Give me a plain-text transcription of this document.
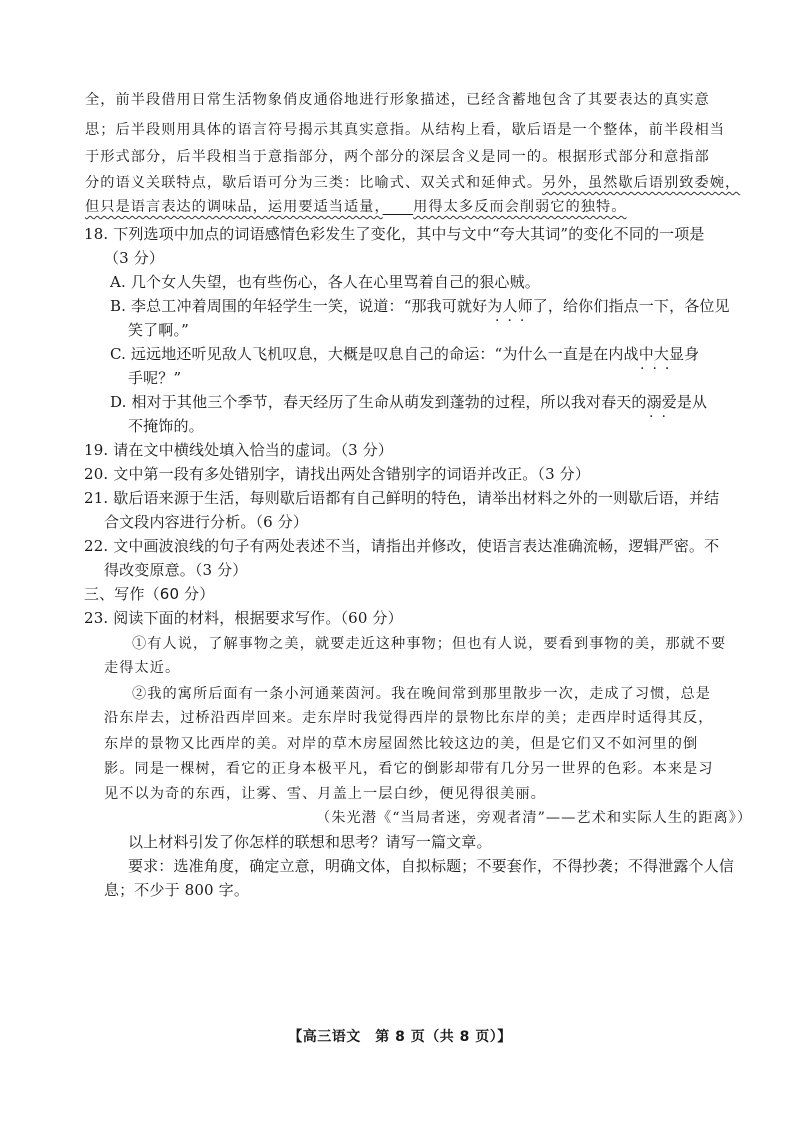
全，前半段借用日常生活物象俏皮通俗地进行形象描述，已经含蓄地包含了其要表达的真实意
思；后半段则用具体的语言符号揭示其真实意指。从结构上看，歇后语是一个整体，前半段相当
于形式部分，后半段相当于意指部分，两个部分的深层含义是同一的。根据形式部分和意指部
分的语义关联特点，歇后语可分为三类：比喻式、双关式和延伸式。另外，虽然歇后语别致委婉，
但只是语言表达的调味品，运用要适当适量，　　 用得太多反而会削弱它的独特。
18. 下列选项中加点的词语感情色彩发生了变化，其中与文中“夸大其词”的变化不同的一项是
（3 分）
A. 几个女人失望，也有些伤心，各人在心里骂着自己的狠心贼。
B. 李总工冲着周围的年轻学生一笑，说道：“那我可就好为人师了，给你们指点一下，各位见
···
笑了啊。”
C. 远远地还听见敌人飞机叹息，大概是叹息自己的命运：“为什么一直是在内战中大显身
···
手呢？”
D. 相对于其他三个季节，春天经历了生命从萌发到蓬勃的过程，所以我对春天的溺爱是从
··
不掩饰的。
19. 请在文中横线处填入恰当的虚词。（3 分）
20. 文中第一段有多处错别字，请找出两处含错别字的词语并改正。（3 分）
21. 歇后语来源于生活，每则歇后语都有自己鲜明的特色，请举出材料之外的一则歇后语，并结
合文段内容进行分析。（6 分）
22. 文中画波浪线的句子有两处表述不当，请指出并修改，使语言表达准确流畅，逻辑严密。不
得改变原意。（3 分）
三、写作（60 分）
23. 阅读下面的材料，根据要求写作。（60 分）
①有人说，了解事物之美，就要走近这种事物；但也有人说，要看到事物的美，那就不要
走得太近。
②我的寓所后面有一条小河通莱茵河。我在晚间常到那里散步一次，走成了习惯，总是
沿东岸去，过桥沿西岸回来。走东岸时我觉得西岸的景物比东岸的美；走西岸时适得其反，
东岸的景物又比西岸的美。对岸的草木房屋固然比较这边的美，但是它们又不如河里的倒
影。同是一棵树，看它的正身本极平凡，看它的倒影却带有几分另一世界的色彩。本来是习
见不以为奇的东西，让雾、雪、月盖上一层白纱，便见得很美丽。
（朱光潜《“当局者迷，旁观者清”——艺术和实际人生的距离》）
以上材料引发了你怎样的联想和思考？请写一篇文章。
要求：选准角度，确定立意，明确文体，自拟标题；不要套作，不得抄袭；不得泄露个人信
息；不少于 800 字。
【高三语文　第 8 页（共 8 页）】
